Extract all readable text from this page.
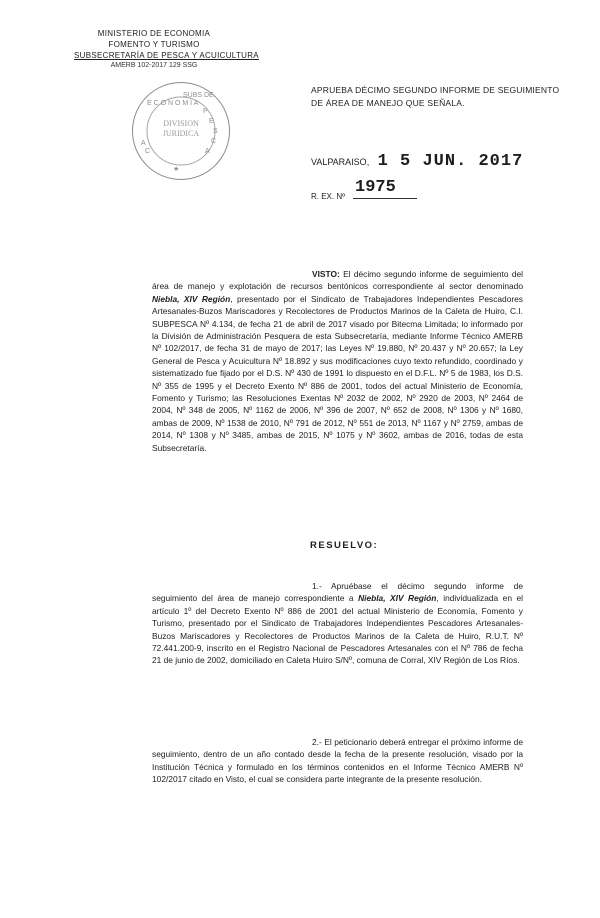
MINISTERIO DE ECONOMIA
FOMENTO Y TURISMO
SUBSECRETARÍA DE PESCA Y ACUICULTURA
AMERB 102-2017 129 SSG
E C O N O M I A
SUBS DE
P
E
S
C
A
A
C
★
DIVISION JURIDICA
APRUEBA DÉCIMO SEGUNDO INFORME DE SEGUIMIENTO DE ÁREA DE MANEJO QUE SEÑALA.
VALPARAISO, 1 5 JUN. 2017
R. EX. Nº 1975
VISTO: El décimo segundo informe de seguimiento del área de manejo y explotación de recursos bentónicos correspondiente al sector denominado Niebla, XIV Región, presentado por el Sindicato de Trabajadores Independientes Pescadores Artesanales-Buzos Mariscadores y Recolectores de Productos Marinos de la Caleta de Huiro, C.I. SUBPESCA Nº 4.134, de fecha 21 de abril de 2017 visado por Bitecma Limitada; lo informado por la División de Administración Pesquera de esta Subsecretaría, mediante Informe Técnico AMERB Nº 102/2017, de fecha 31 de mayo de 2017; las Leyes Nº 19.880, Nº 20.437 y Nº 20.657; la Ley General de Pesca y Acuicultura Nº 18.892 y sus modificaciones cuyo texto refundido, coordinado y sistematizado fue fijado por el D.S. Nº 430 de 1991 lo dispuesto en el D.F.L. Nº 5 de 1983, los D.S. Nº 355 de 1995 y el Decreto Exento Nº 886 de 2001, todos del actual Ministerio de Economía, Fomento y Turismo; las Resoluciones Exentas Nº 2032 de 2002, Nº 2920 de 2003, Nº 2464 de 2004, Nº 348 de 2005, Nº 1162 de 2006, Nº 396 de 2007, Nº 652 de 2008, Nº 1306 y Nº 1680, ambas de 2009, Nº 1538 de 2010, Nº 791 de 2012, Nº 551 de 2013, Nº 1167 y Nº 2759, ambas de 2014, Nº 1308 y Nº 3485, ambas de 2015, Nº 1075 y Nº 3602, ambas de 2016, todas de esta Subsecretaría.
RESUELVO:
1.- Apruébase el décimo segundo informe de seguimiento del área de manejo correspondiente a Niebla, XIV Región, individualizada en el artículo 1º del Decreto Exento Nº 886 de 2001 del actual Ministerio de Economía, Fomento y Turismo, presentado por el Sindicato de Trabajadores Independientes Pescadores Artesanales-Buzos Mariscadores y Recolectores de Productos Marinos de la Caleta de Huiro, R.U.T. Nº 72.441.200-9, inscrito en el Registro Nacional de Pescadores Artesanales con el Nº 786 de fecha 21 de junio de 2002, domiciliado en Caleta Huiro S/Nº, comuna de Corral, XIV Región de Los Ríos.
2.- El peticionario deberá entregar el próximo informe de seguimiento, dentro de un año contado desde la fecha de la presente resolución, visado por la Institución Técnica y formulado en los términos contenidos en el Informe Técnico AMERB Nº 102/2017 citado en Visto, el cual se considera parte integrante de la presente resolución.
